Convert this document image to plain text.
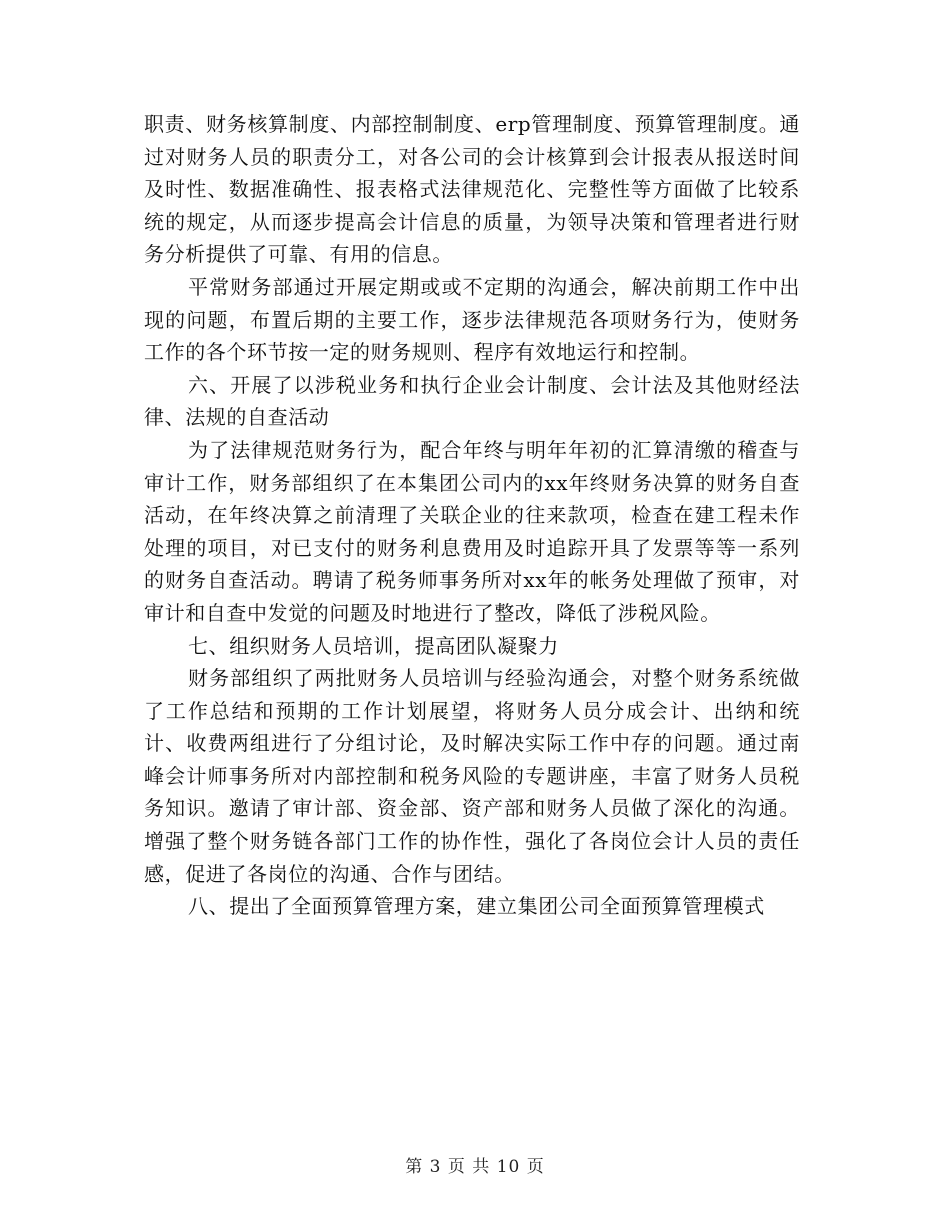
职责、财务核算制度、内部控制制度、erp管理制度、预算管理制度。通过对财务人员的职责分工，对各公司的会计核算到会计报表从报送时间及时性、数据准确性、报表格式法律规范化、完整性等方面做了比较系统的规定，从而逐步提高会计信息的质量，为领导决策和管理者进行财务分析提供了可靠、有用的信息。

平常财务部通过开展定期或或不定期的沟通会，解决前期工作中出现的问题，布置后期的主要工作，逐步法律规范各项财务行为，使财务工作的各个环节按一定的财务规则、程序有效地运行和控制。

六、开展了以涉税业务和执行企业会计制度、会计法及其他财经法律、法规的自查活动

为了法律规范财务行为，配合年终与明年年初的汇算清缴的稽查与审计工作，财务部组织了在本集团公司内的xx年终财务决算的财务自查活动，在年终决算之前清理了关联企业的往来款项，检查在建工程未作处理的项目，对已支付的财务利息费用及时追踪开具了发票等等一系列的财务自查活动。聘请了税务师事务所对xx年的帐务处理做了预审，对审计和自查中发觉的问题及时地进行了整改，降低了涉税风险。

七、组织财务人员培训，提高团队凝聚力

财务部组织了两批财务人员培训与经验沟通会，对整个财务系统做了工作总结和预期的工作计划展望，将财务人员分成会计、出纳和统计、收费两组进行了分组讨论，及时解决实际工作中存的问题。通过南峰会计师事务所对内部控制和税务风险的专题讲座，丰富了财务人员税务知识。邀请了审计部、资金部、资产部和财务人员做了深化的沟通。增强了整个财务链各部门工作的协作性，强化了各岗位会计人员的责任感，促进了各岗位的沟通、合作与团结。

八、提出了全面预算管理方案，建立集团公司全面预算管理模式

第 3 页 共 10 页
